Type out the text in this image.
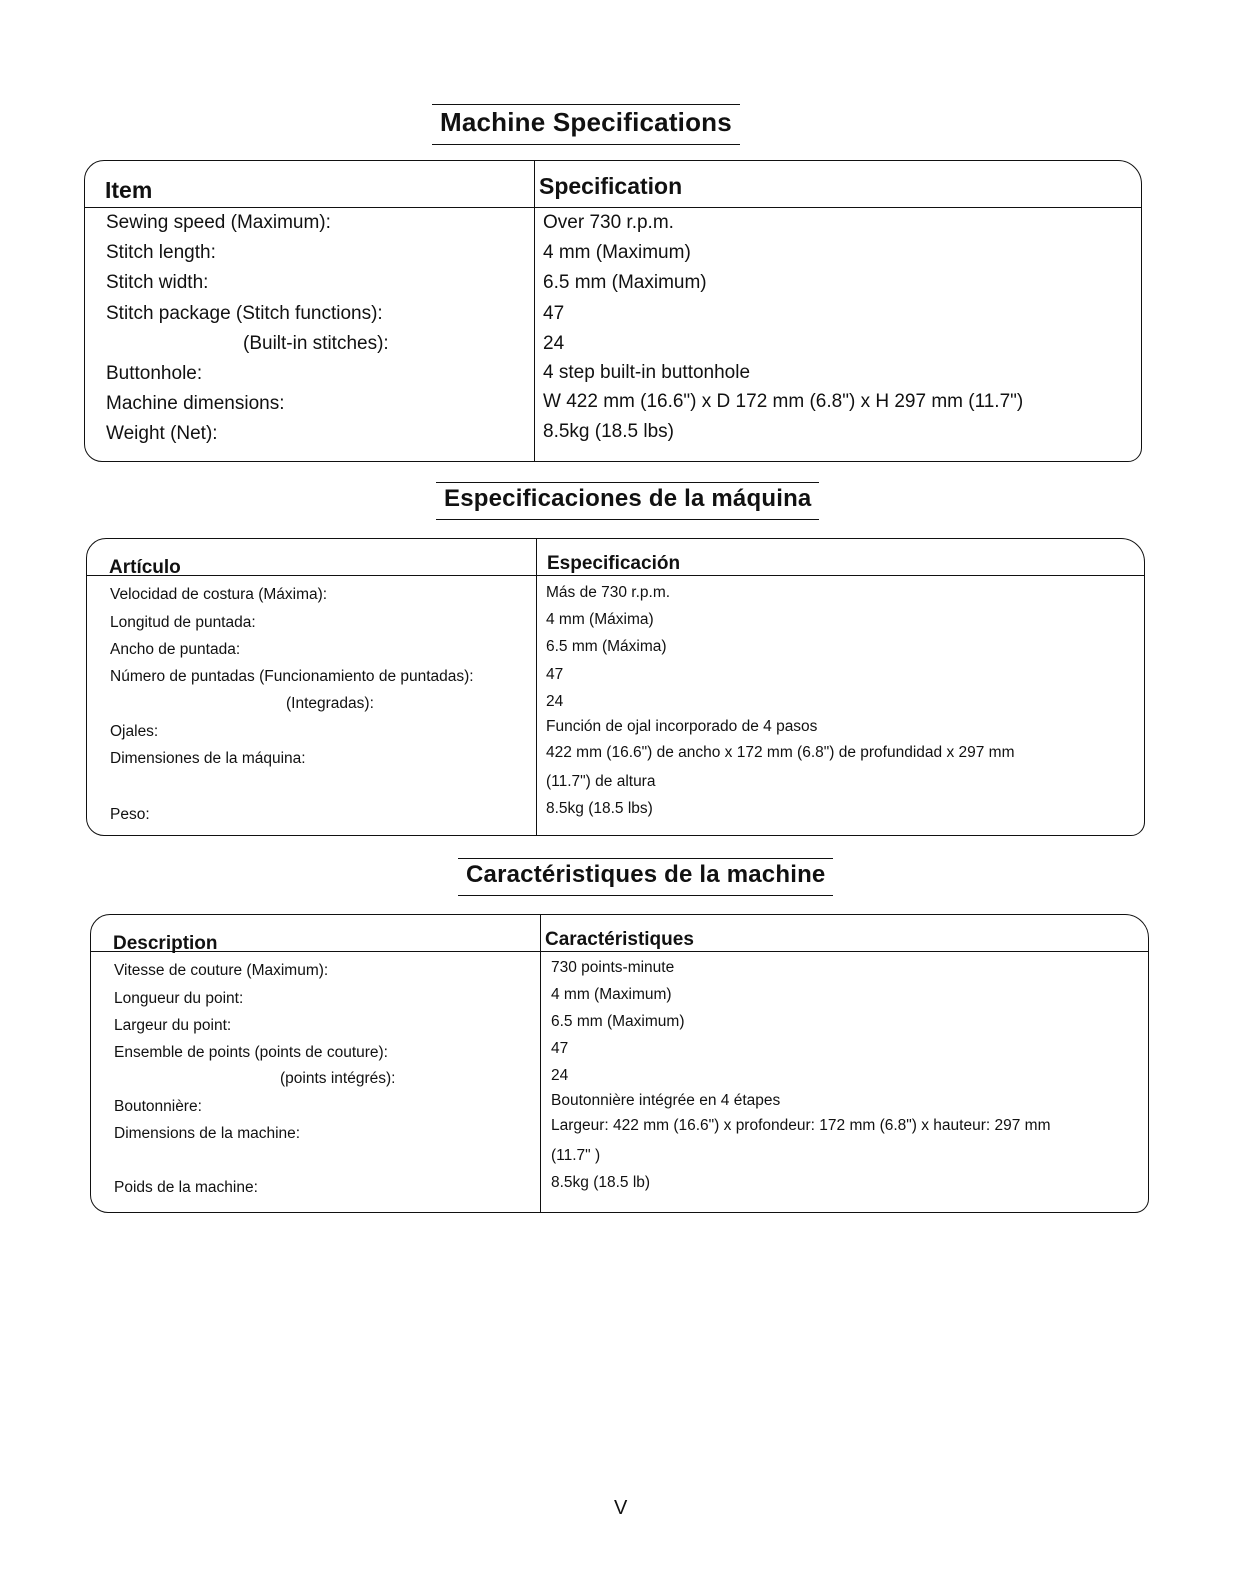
Machine Specifications
Item	Specification
Sewing speed (Maximum):	Over 730 r.p.m.
Stitch length:	4 mm (Maximum)
Stitch width:	6.5 mm (Maximum)
Stitch package (Stitch functions):	47
(Built-in stitches):	24
Buttonhole:	4 step built-in buttonhole
Machine dimensions:	W 422 mm (16.6") x D 172 mm (6.8") x H 297 mm (11.7")
Weight (Net):	8.5kg (18.5 lbs)
Especificaciones de la máquina
Artículo	Especificación
Velocidad de costura (Máxima):	Más de 730 r.p.m.
Longitud de puntada:	4 mm (Máxima)
Ancho de puntada:	6.5 mm (Máxima)
Número de puntadas (Funcionamiento de puntadas):	47
(Integradas):	24
Ojales:	Función de ojal incorporado de 4 pasos
Dimensiones de la máquina:	422 mm (16.6") de ancho x 172 mm (6.8") de profundidad x 297 mm
(11.7") de altura
Peso:	8.5kg (18.5 lbs)
Caractéristiques de la machine
Description	Caractéristiques
Vitesse de couture (Maximum):	730 points-minute
Longueur du point:	4 mm (Maximum)
Largeur du point:	6.5 mm (Maximum)
Ensemble de points (points de couture):	47
(points intégrés):	24
Boutonnière:	Boutonnière intégrée en 4 étapes
Dimensions de la machine:	Largeur: 422 mm (16.6") x profondeur: 172 mm (6.8") x hauteur: 297 mm
(11.7" )
Poids de la machine:	8.5kg (18.5 lb)
V
